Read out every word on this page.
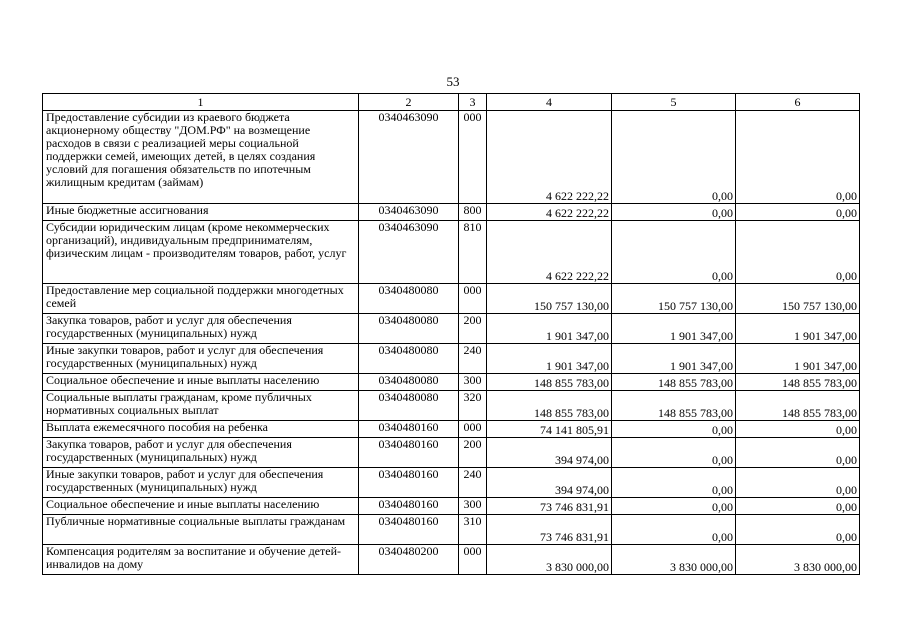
53
1	2	3	4	5	6
Предоставление субсидии из краевого бюджета акционерному обществу "ДОМ.РФ" на возмещение расходов в связи с реализацией меры социальной поддержки семей, имеющих детей, в целях создания условий для погашения обязательств по ипотечным жилищным кредитам (займам)	0340463090	000	4 622 222,22	0,00	0,00
Иные бюджетные ассигнования	0340463090	800	4 622 222,22	0,00	0,00
Субсидии юридическим лицам (кроме некоммерческих организаций), индивидуальным предпринимателям, физическим лицам - производителям товаров, работ, услуг	0340463090	810	4 622 222,22	0,00	0,00
Предоставление мер социальной поддержки многодетных семей	0340480080	000	150 757 130,00	150 757 130,00	150 757 130,00
Закупка товаров, работ и услуг для обеспечения государственных (муниципальных) нужд	0340480080	200	1 901 347,00	1 901 347,00	1 901 347,00
Иные закупки товаров, работ и услуг для обеспечения государственных (муниципальных) нужд	0340480080	240	1 901 347,00	1 901 347,00	1 901 347,00
Социальное обеспечение и иные выплаты населению	0340480080	300	148 855 783,00	148 855 783,00	148 855 783,00
Социальные выплаты гражданам, кроме публичных нормативных социальных выплат	0340480080	320	148 855 783,00	148 855 783,00	148 855 783,00
Выплата ежемесячного пособия на ребенка	0340480160	000	74 141 805,91	0,00	0,00
Закупка товаров, работ и услуг для обеспечения государственных (муниципальных) нужд	0340480160	200	394 974,00	0,00	0,00
Иные закупки товаров, работ и услуг для обеспечения государственных (муниципальных) нужд	0340480160	240	394 974,00	0,00	0,00
Социальное обеспечение и иные выплаты населению	0340480160	300	73 746 831,91	0,00	0,00
Публичные нормативные социальные выплаты гражданам	0340480160	310	73 746 831,91	0,00	0,00
Компенсация родителям за воспитание и обучение детей-инвалидов на дому	0340480200	000	3 830 000,00	3 830 000,00	3 830 000,00
